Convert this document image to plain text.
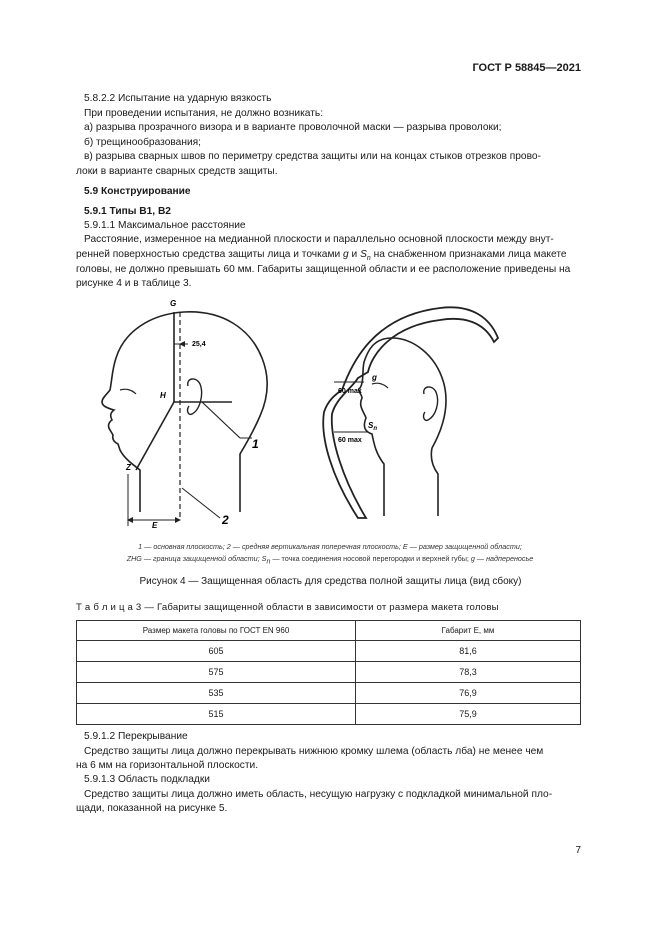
ГОСТ Р 58845—2021
5.8.2.2 Испытание на ударную вязкость
При проведении испытания, не должно возникать:
а) разрыва прозрачного визора и в варианте проволочной маски — разрыва проволоки;
б) трещинообразования;
в) разрыва сварных швов по периметру средства защиты или на концах стыков отрезков прово-
локи в варианте сварных средств защиты.
5.9 Конструирование
5.9.1 Типы В1, В2
5.9.1.1 Максимальное расстояние
Расстояние, измеренное на медианной плоскости и параллельно основной плоскости между внут-
ренней поверхностью средства защиты лица и точками g и $S_n$ на снабженном признаками лица макете
головы, не должно превышать 60 мм. Габариты защищенной области и ее расположение приведены на
рисунке 4 и в таблице 3.
G
H
Z
E
25,4
1
2
60 max
60 max
g
$S_n$
1 — основная плоскость; 2 — средняя вертикальная поперечная плоскость; E — размер защищенной области;
ZHG — граница защищенной области; $S_n$ — точка соединения носовой перегородки и верхней губы; g — надпереносье
Рисунок 4 — Защищенная область для средства полной защиты лица (вид сбоку)
Т а б л и ц а 3 — Габариты защищенной области в зависимости от размера макета головы
Размер макета головы по ГОСТ EN 960	Габарит E, мм
605	81,6
575	78,3
535	76,9
515	75,9
5.9.1.2 Перекрывание
Средство защиты лица должно перекрывать нижнюю кромку шлема (область лба) не менее чем
на 6 мм на горизонтальной плоскости.
5.9.1.3 Область подкладки
Средство защиты лица должно иметь область, несущую нагрузку с подкладкой минимальной пло-
щади, показанной на рисунке 5.
7
